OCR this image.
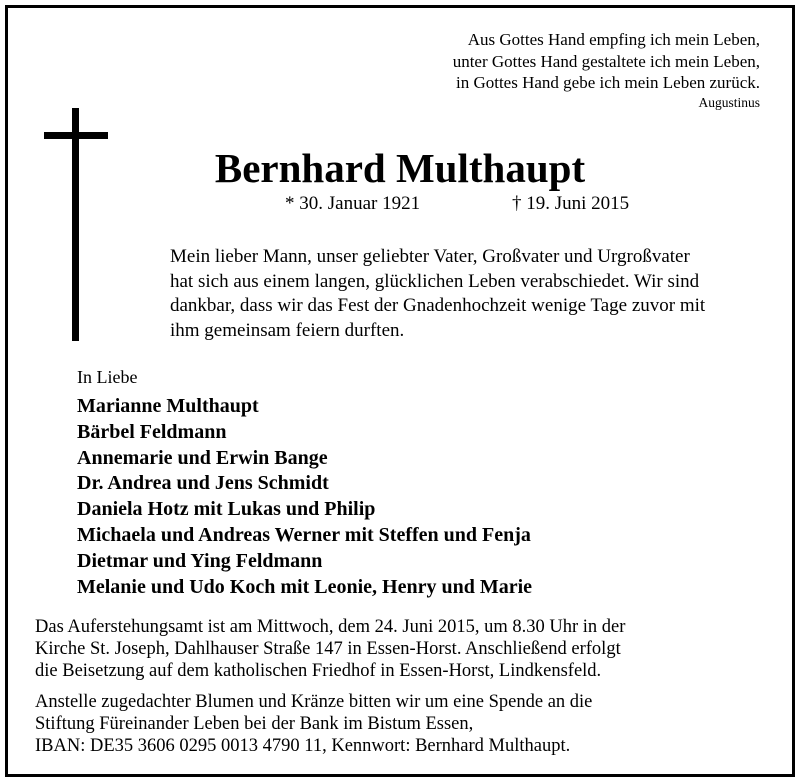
Aus Gottes Hand empfing ich mein Leben,
unter Gottes Hand gestaltete ich mein Leben,
in Gottes Hand gebe ich mein Leben zurück.
Augustinus
Bernhard Multhaupt
* 30. Januar 1921	† 19. Juni 2015
Mein lieber Mann, unser geliebter Vater, Großvater und Urgroßvater
hat sich aus einem langen, glücklichen Leben verabschiedet. Wir sind
dankbar, dass wir das Fest der Gnadenhochzeit wenige Tage zuvor mit
ihm gemeinsam feiern durften.
In Liebe
Marianne Multhaupt
Bärbel Feldmann
Annemarie und Erwin Bange
Dr. Andrea und Jens Schmidt
Daniela Hotz mit Lukas und Philip
Michaela und Andreas Werner mit Steffen und Fenja
Dietmar und Ying Feldmann
Melanie und Udo Koch mit Leonie, Henry und Marie
Das Auferstehungsamt ist am Mittwoch, dem 24. Juni 2015, um 8.30 Uhr in der
Kirche St. Joseph, Dahlhauser Straße 147 in Essen-Horst. Anschließend erfolgt
die Beisetzung auf dem katholischen Friedhof in Essen-Horst, Lindkensfeld.
Anstelle zugedachter Blumen und Kränze bitten wir um eine Spende an die
Stiftung Füreinander Leben bei der Bank im Bistum Essen,
IBAN: DE35 3606 0295 0013 4790 11, Kennwort: Bernhard Multhaupt.
